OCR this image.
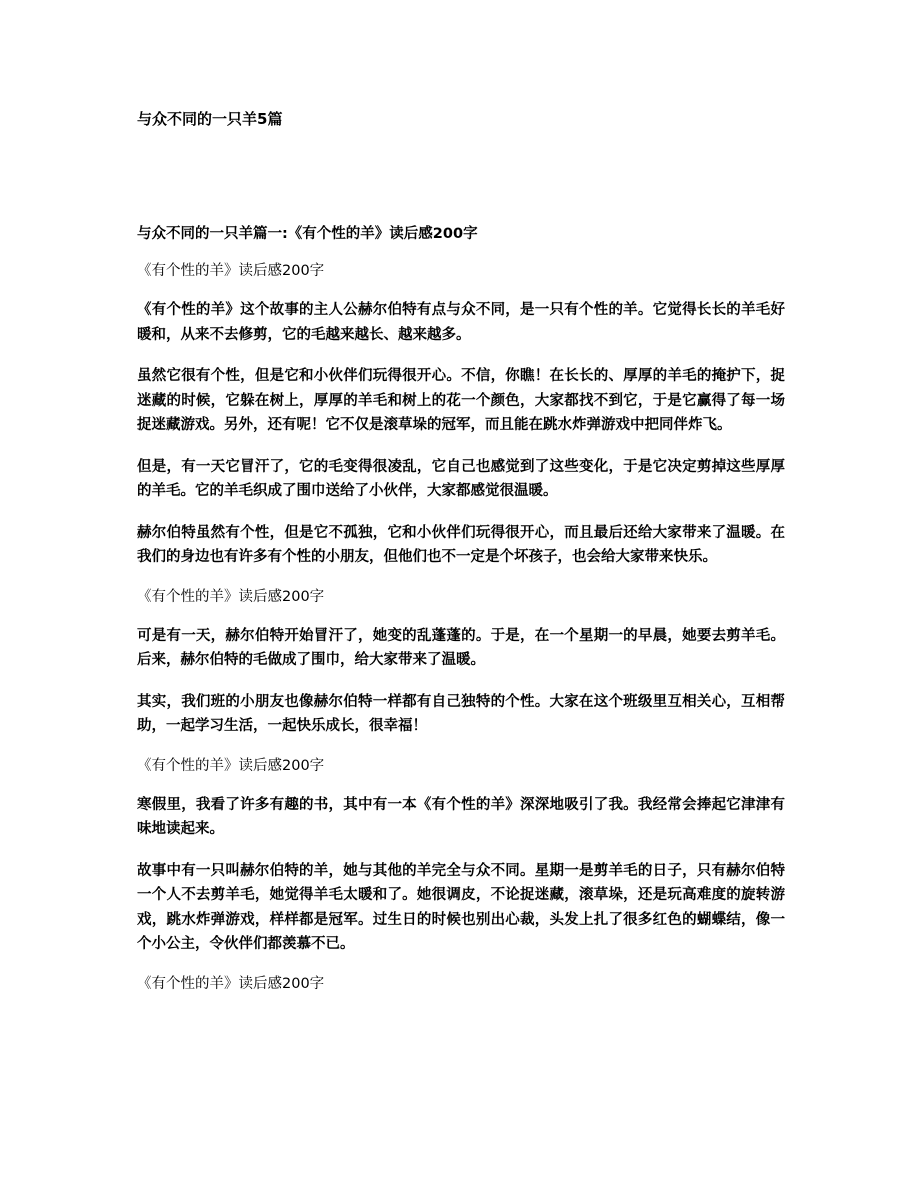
与众不同的一只羊5篇
与众不同的一只羊篇一:《有个性的羊》读后感200字
《有个性的羊》读后感200字

《有个性的羊》这个故事的主人公赫尔伯特有点与众不同，是一只有个性的羊。它觉得长长的羊毛好暖和，从来不去修剪，它的毛越来越长、越来越多。

虽然它很有个性，但是它和小伙伴们玩得很开心。不信，你瞧！在长长的、厚厚的羊毛的掩护下，捉迷藏的时候，它躲在树上，厚厚的羊毛和树上的花一个颜色，大家都找不到它，于是它赢得了每一场捉迷藏游戏。另外，还有呢！它不仅是滚草垛的冠军，而且能在跳水炸弹游戏中把同伴炸飞。

但是，有一天它冒汗了，它的毛变得很凌乱，它自己也感觉到了这些变化，于是它决定剪掉这些厚厚的羊毛。它的羊毛织成了围巾送给了小伙伴，大家都感觉很温暖。

赫尔伯特虽然有个性，但是它不孤独，它和小伙伴们玩得很开心，而且最后还给大家带来了温暖。在我们的身边也有许多有个性的小朋友，但他们也不一定是个坏孩子，也会给大家带来快乐。

《有个性的羊》读后感200字

可是有一天，赫尔伯特开始冒汗了，她变的乱蓬蓬的。于是，在一个星期一的早晨，她要去剪羊毛。后来，赫尔伯特的毛做成了围巾，给大家带来了温暖。

其实，我们班的小朋友也像赫尔伯特一样都有自己独特的个性。大家在这个班级里互相关心，互相帮助，一起学习生活，一起快乐成长，很幸福！

《有个性的羊》读后感200字

寒假里，我看了许多有趣的书，其中有一本《有个性的羊》深深地吸引了我。我经常会捧起它津津有味地读起来。

故事中有一只叫赫尔伯特的羊，她与其他的羊完全与众不同。星期一是剪羊毛的日子，只有赫尔伯特一个人不去剪羊毛，她觉得羊毛太暖和了。她很调皮，不论捉迷藏，滚草垛，还是玩高难度的旋转游戏，跳水炸弹游戏，样样都是冠军。过生日的时候也别出心裁，头发上扎了很多红色的蝴蝶结，像一个小公主，令伙伴们都羡慕不已。

《有个性的羊》读后感200字
